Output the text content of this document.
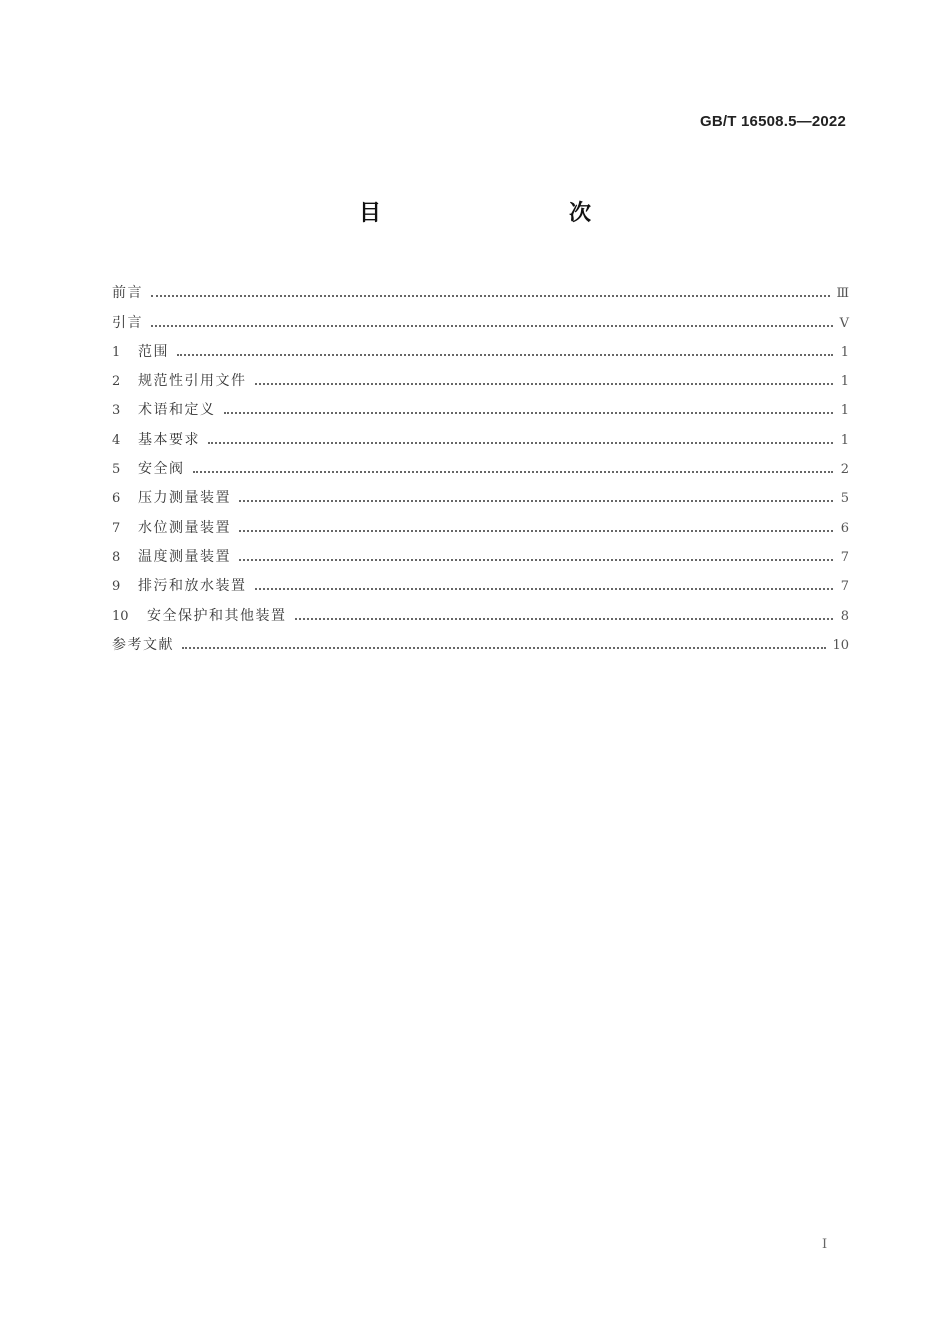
GB/T 16508.5—2022
目　　次
前言	Ⅲ
引言	Ⅴ
1	范围	1
2	规范性引用文件	1
3	术语和定义	1
4	基本要求	1
5	安全阀	2
6	压力测量装置	5
7	水位测量装置	6
8	温度测量装置	7
9	排污和放水装置	7
10	安全保护和其他装置	8
参考文献	10
Ⅰ
